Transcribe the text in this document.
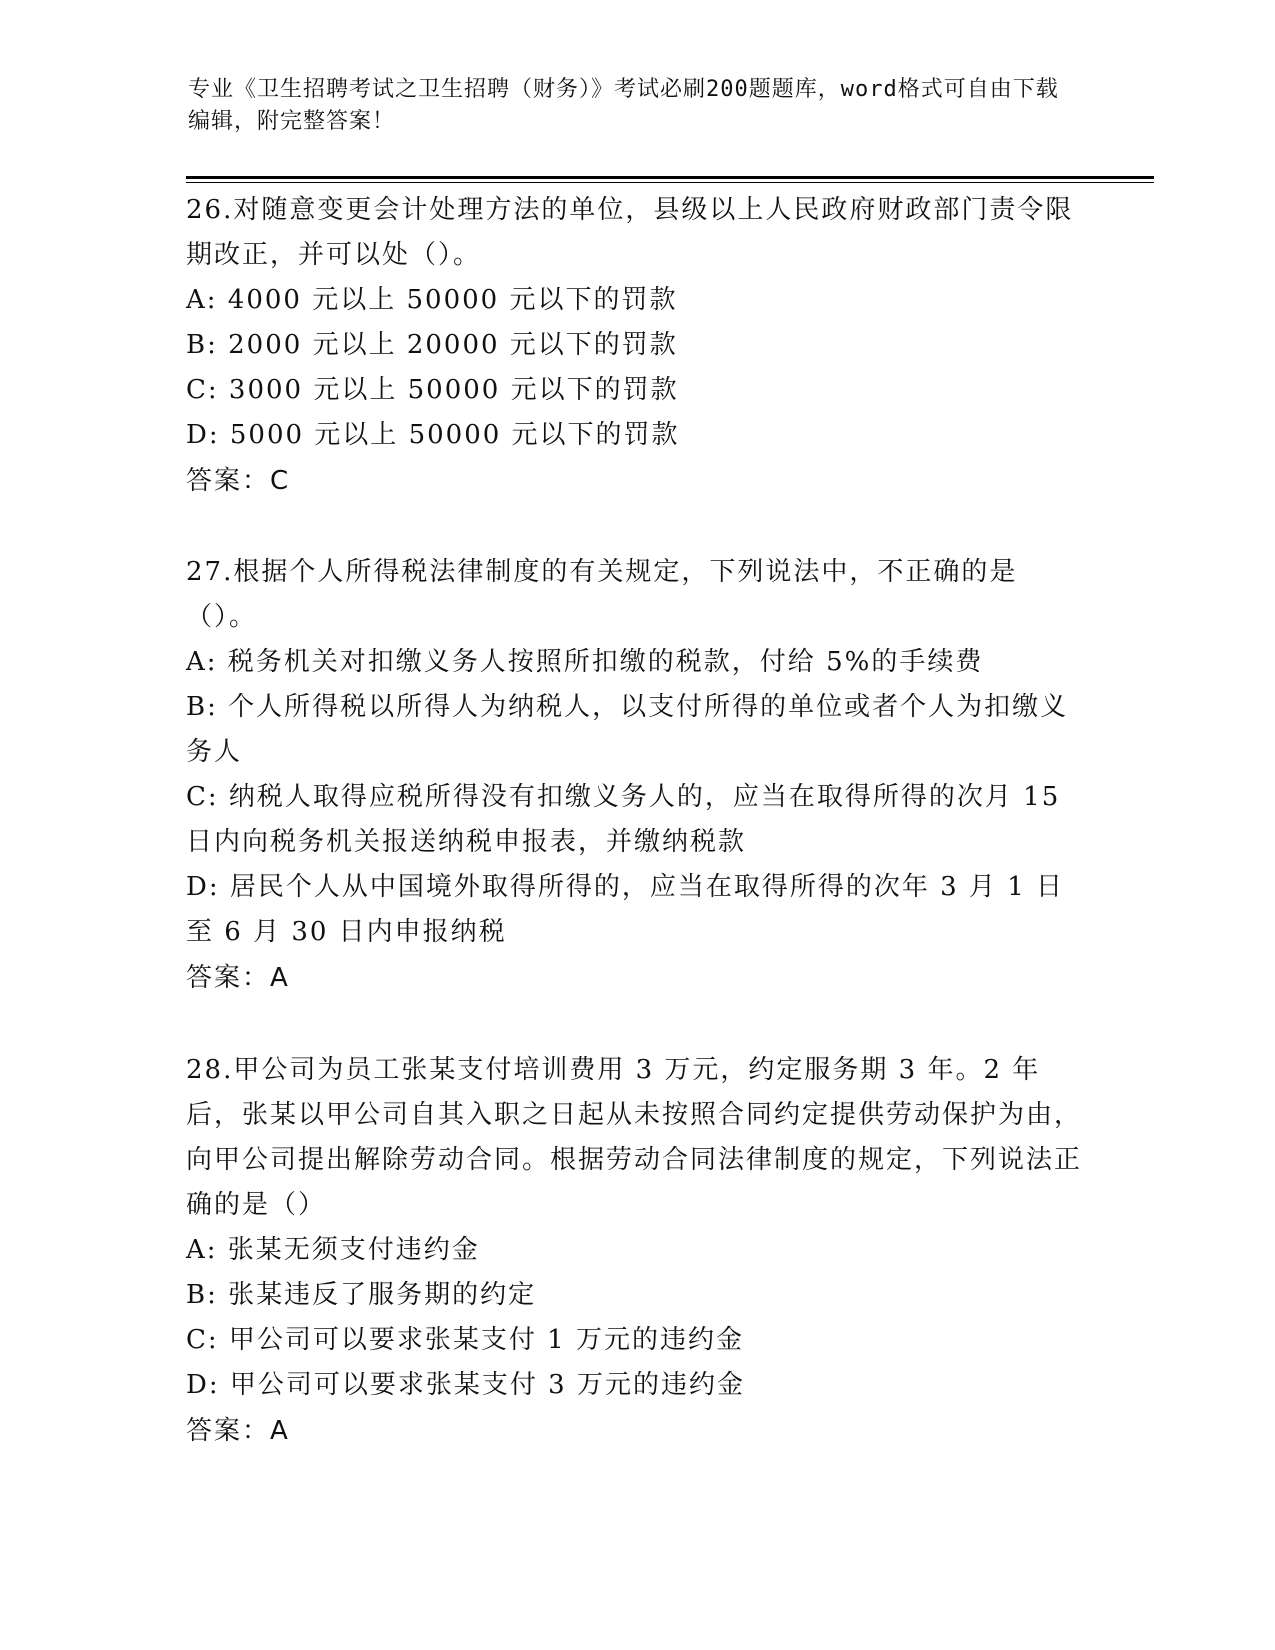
专业《卫生招聘考试之卫生招聘（财务）》考试必刷200题题库，word格式可自由下载编辑，附完整答案！
26.对随意变更会计处理方法的单位，县级以上人民政府财政部门责令限期改正，并可以处（）。
A: 4000 元以上 50000 元以下的罚款
B: 2000 元以上 20000 元以下的罚款
C: 3000 元以上 50000 元以下的罚款
D: 5000 元以上 50000 元以下的罚款
答案：C
27.根据个人所得税法律制度的有关规定，下列说法中，不正确的是（）。
A: 税务机关对扣缴义务人按照所扣缴的税款，付给 5%的手续费
B: 个人所得税以所得人为纳税人，以支付所得的单位或者个人为扣缴义务人
C: 纳税人取得应税所得没有扣缴义务人的，应当在取得所得的次月 15 日内向税务机关报送纳税申报表，并缴纳税款
D: 居民个人从中国境外取得所得的，应当在取得所得的次年 3 月 1 日至 6 月 30 日内申报纳税
答案：A
28.甲公司为员工张某支付培训费用 3 万元，约定服务期 3 年。2 年后，张某以甲公司自其入职之日起从未按照合同约定提供劳动保护为由，向甲公司提出解除劳动合同。根据劳动合同法律制度的规定，下列说法正确的是（）
A: 张某无须支付违约金
B: 张某违反了服务期的约定
C: 甲公司可以要求张某支付 1 万元的违约金
D: 甲公司可以要求张某支付 3 万元的违约金
答案：A
